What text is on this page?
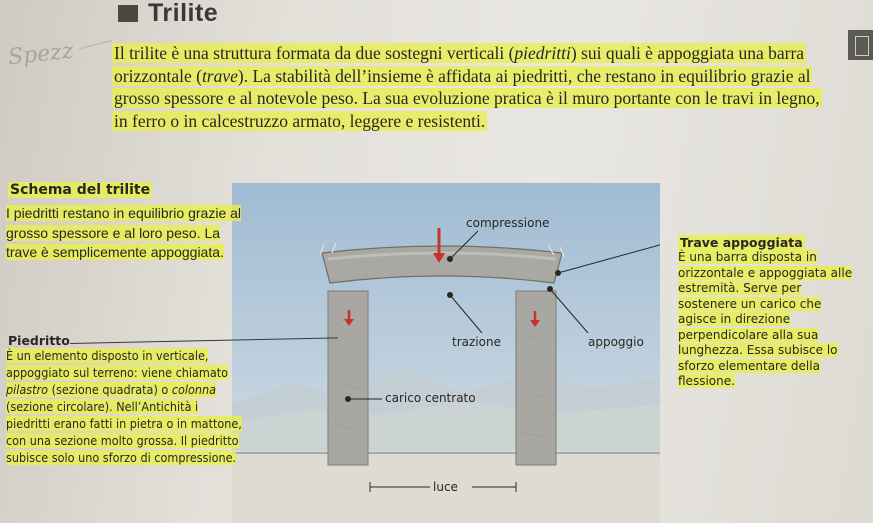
Trilite
Spezz Il trilite è una struttura formata da due sostegni verticali (piedritti) sui quali è appoggiata una barra orizzontale (trave). La stabilità dell’insieme è affidata ai piedritti, che restano in equilibrio grazie al grosso spessore e al notevole peso. La sua evoluzione pratica è il muro portante con le travi in legno, in ferro o in calcestruzzo armato, leggere e resistenti.
compressione
trazione	appoggio
carico centrato
luce
Schema del trilite
I piedritti restano in equilibrio grazie al grosso spessore e al loro peso. La trave è semplicemente appoggiata.
Piedritto
È un elemento disposto in verticale, appoggiato sul terreno: viene chiamato pilastro (sezione quadrata) o colonna (sezione circolare). Nell’Antichità i piedritti erano fatti in pietra o in mattone, con una sezione molto grossa. Il piedritto subisce solo uno sforzo di compressione.
Trave appoggiata
È una barra disposta in orizzontale e appoggiata alle estremità. Serve per sostenere un carico che agisce in direzione perpendicolare alla sua lunghezza. Essa subisce lo sforzo elementare della flessione.
